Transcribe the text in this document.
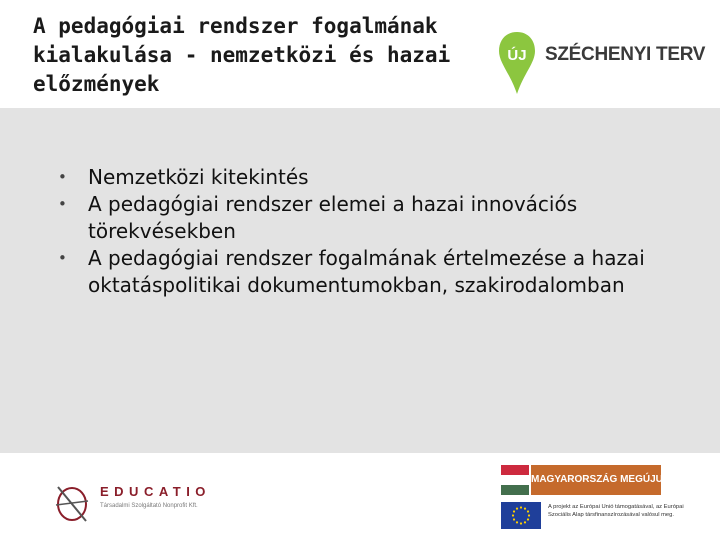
A pedagógiai rendszer fogalmának
kialakulása - nemzetközi és hazai
előzmények
ÚJ SZÉCHENYI TERV
• Nemzetközi kitekintés
• A pedagógiai rendszer elemei a hazai innovációs törekvésekben
• A pedagógiai rendszer fogalmának értelmezése a hazai oktatáspolitikai dokumentumokban, szakirodalomban
EDUCATIO
Társadalmi Szolgáltató Nonprofit Kft.
MAGYARORSZÁG MEGÚJUL
A projekt az Európai Unió támogatásával, az Európai Szociális Alap társfinanszírozásával valósul meg.
